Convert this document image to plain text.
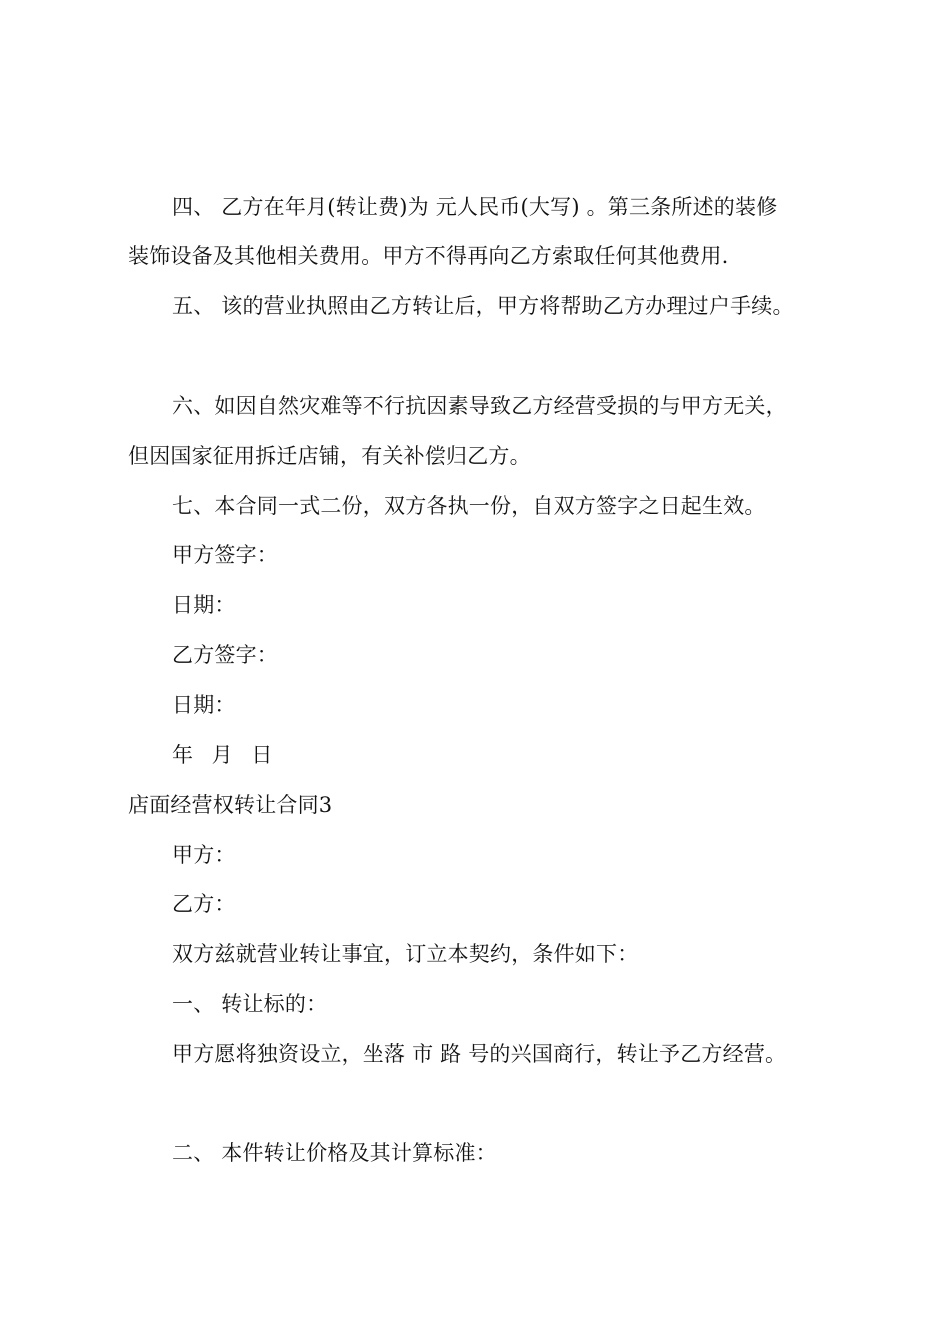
四、 乙方在年月(转让费)为 元人民币(大写) 。第三条所述的装修
装饰设备及其他相关费用。甲方不得再向乙方索取任何其他费用.
五、 该的营业执照由乙方转让后，甲方将帮助乙方办理过户手续。
六、如因自然灾难等不行抗因素导致乙方经营受损的与甲方无关，
但因国家征用拆迁店铺，有关补偿归乙方。
七、本合同一式二份，双方各执一份，自双方签字之日起生效。
甲方签字：
日期：
乙方签字：
日期：
年 月 日
店面经营权转让合同3
甲方：
乙方：
双方兹就营业转让事宜，订立本契约，条件如下：
一、 转让标的：
甲方愿将独资设立，坐落 市 路 号的兴国商行，转让予乙方经营。
二、 本件转让价格及其计算标准：
